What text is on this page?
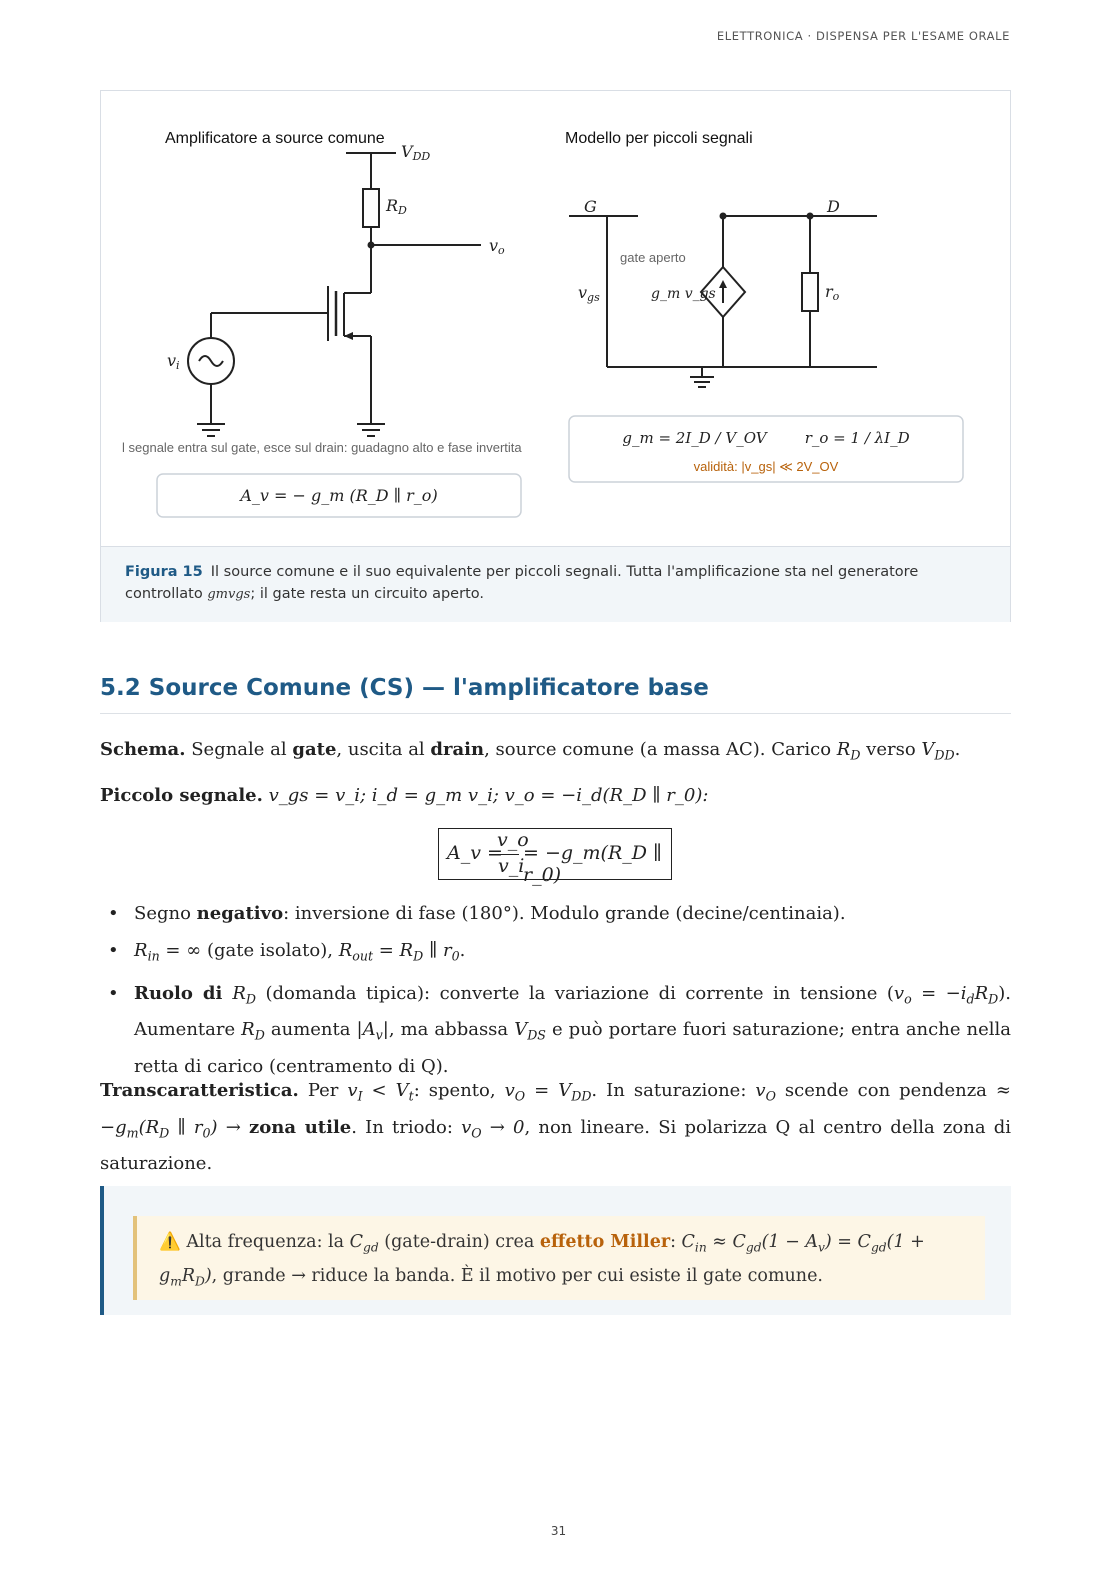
ELETTRONICA · DISPENSA PER L'ESAME ORALE
Amplificatore a source comune	Modello per piccoli segnali
VDD
RD
vo
vi
l segnale entra sul gate, esce sul drain: guadagno alto e fase invertita
A_v = − g_m (R_D ∥ r_o)
G	D
vgs	g_m v_gs	ro
gate aperto
g_m = 2I_D / V_OV        r_o = 1 / λI_D
validità: |v_gs| ≪ 2V_OV
Figura 15 Il source comune e il suo equivalente per piccoli segnali. Tutta l'amplificazione sta nel generatore controllato gmvgs; il gate resta un circuito aperto.
5.2 Source Comune (CS) — l'amplificatore base
Schema. Segnale al gate, uscita al drain, source comune (a massa AC). Carico $R_D$ verso $V_{DD}$.
Piccolo segnale. v_gs = v_i; i_d = g_m v_i; v_o = −i_d(R_D ∥ r_0):
A_v =
v_o
v_i
= −g_m(R_D ∥ r_0)
• Segno negativo: inversione di fase (180°). Modulo grande (decine/centinaia).
• $R_{in}$ = ∞ (gate isolato), $R_{out} = R_D$ ∥ $r_0$.
• Ruolo di $R_D$ (domanda tipica): converte la variazione di corrente in tensione $(v_o = -i_dR_D)$. Aumentare $R_D$ aumenta $|A_v|$, ma abbassa $V_{DS}$ e può portare fuori saturazione; entra anche nella retta di carico (centramento di Q).
Transcaratteristica. Per $v_I < V_t$: spento, $v_O = V_{DD}$. In saturazione: $v_O$ scende con pendenza ≈ $-g_m(R_D$ ∥ $r_0$) → zona utile. In triodo: $v_O \to 0$, non lineare. Si polarizza Q al centro della zona di saturazione.
⚠️ Alta frequenza: la $C_{gd}$ (gate-drain) crea effetto Miller: $C_{in} \approx C_{gd}(1 - A_v) = C_{gd}(1 + g_mR_D)$, grande → riduce la banda. È il motivo per cui esiste il gate comune.
31
